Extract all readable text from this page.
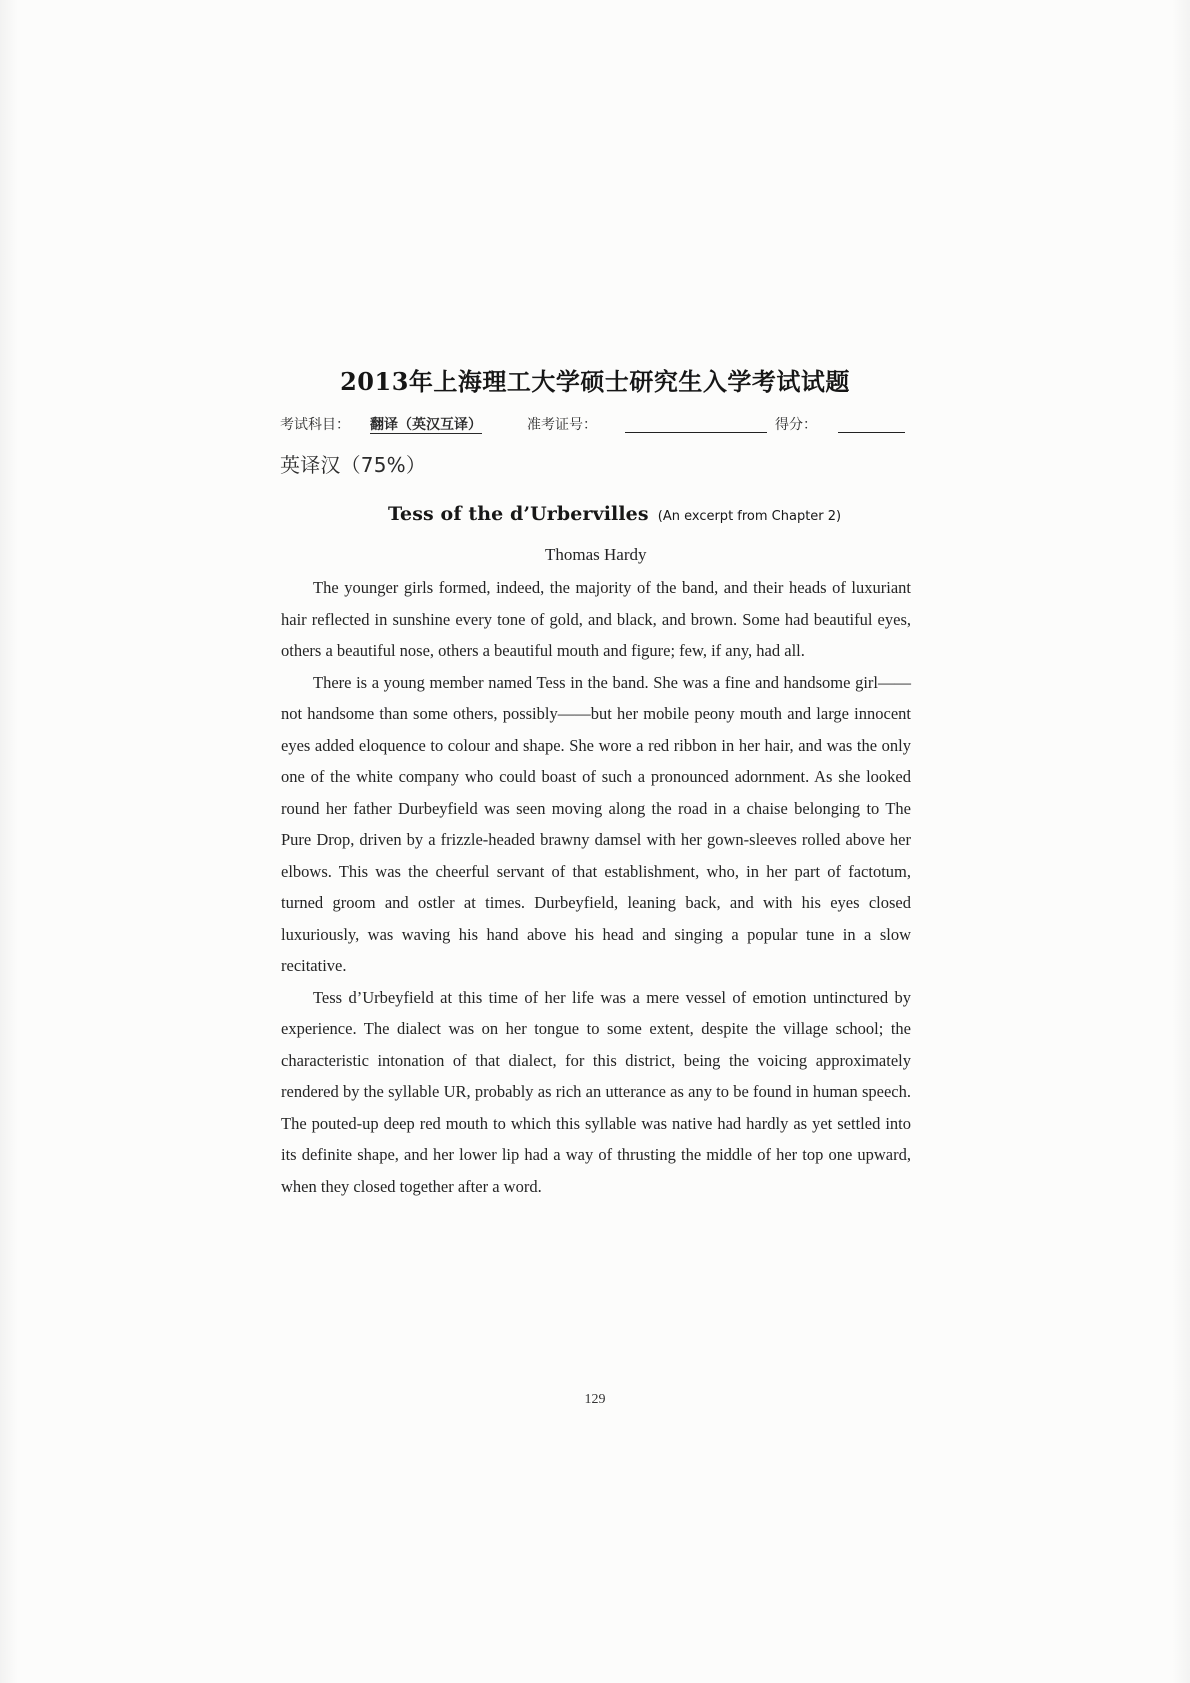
2013年上海理工大学硕士研究生入学考试试题
考试科目： 翻译（英汉互译）	准考证号：	得分：
英译汉（75%）
Tess of the d’Urbervilles (An excerpt from Chapter 2)
Thomas Hardy

The younger girls formed, indeed, the majority of the band, and their heads of luxuriant hair reflected in sunshine every tone of gold, and black, and brown. Some had beautiful eyes, others a beautiful nose, others a beautiful mouth and figure; few, if any, had all.

There is a young member named Tess in the band. She was a fine and handsome girl——not handsome than some others, possibly——but her mobile peony mouth and large innocent eyes added eloquence to colour and shape. She wore a red ribbon in her hair, and was the only one of the white company who could boast of such a pronounced adornment. As she looked round her father Durbeyfield was seen moving along the road in a chaise belonging to The Pure Drop, driven by a frizzle-headed brawny damsel with her gown-sleeves rolled above her elbows. This was the cheerful servant of that establishment, who, in her part of factotum, turned groom and ostler at times. Durbeyfield, leaning back, and with his eyes closed luxuriously, was waving his hand above his head and singing a popular tune in a slow recitative.

Tess d’Urbeyfield at this time of her life was a mere vessel of emotion untinctured by experience. The dialect was on her tongue to some extent, despite the village school; the characteristic intonation of that dialect, for this district, being the voicing approximately rendered by the syllable UR, probably as rich an utterance as any to be found in human speech. The pouted-up deep red mouth to which this syllable was native had hardly as yet settled into its definite shape, and her lower lip had a way of thrusting the middle of her top one upward, when they closed together after a word.

129
